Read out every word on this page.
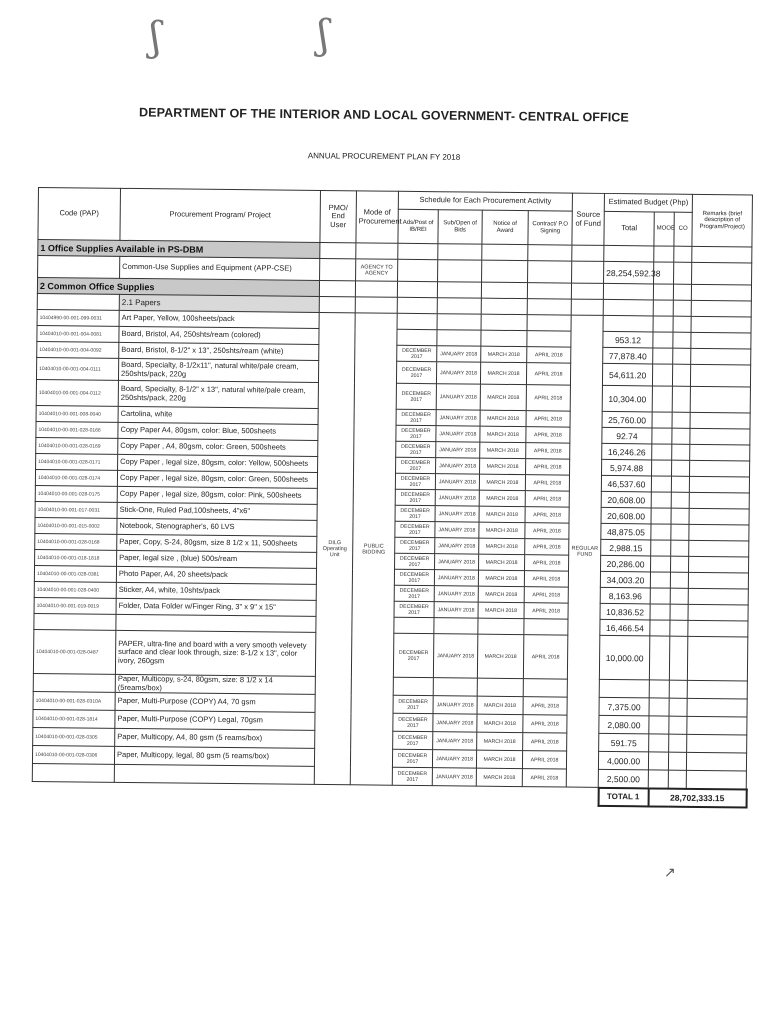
ʃ	ʃ
DEPARTMENT OF THE INTERIOR AND LOCAL GOVERNMENT- CENTRAL OFFICE
ANNUAL PROCUREMENT PLAN FY 2018
Code (PAP)	Procurement Program/ Project	PMO/ End User	Mode of Procurement	Schedule for Each Procurement Activity				Source of Fund	Estimated Budget (Php)			Remarks (brief description of Program/Project)
				Ads/Post of IB/REI	Sub/Open of Bids	Notice of Award	Contract/ P.O Signing		Total	MOOE	CO	
1 Office Supplies Available in PS-DBM												
	Common-Use Supplies and Equipment (APP-CSE)		AGENCY TO AGENCY						28,254,592.38			
2 Common Office Supplies												
	2.1 Papers											
10404990-00-001-099-0031	Art Paper, Yellow, 100sheets/pack	DILG Operating Unit	PUBLIC BIDDING					REGULAR FUND				
10404010-00-001-004-0081	Board, Bristol, A4, 250shts/ream (colored)								953.12			
10404010-00-001-004-0092	Board, Bristol, 8-1/2" x 13", 250shts/ream (white)			DECEMBER 2017	JANUARY 2018	MARCH 2018	APRIL 2018		77,878.40			
10404010-00-001-004-0111	Board, Specialty, 8-1/2x11", natural white/pale cream, 250shts/pack, 220g			DECEMBER 2017	JANUARY 2018	MARCH 2018	APRIL 2018		54,611.20			
10404010-00-001-004-0112	Board, Specialty, 8-1/2" x 13", natural white/pale cream, 250shts/pack, 220g			DECEMBER 2017	JANUARY 2018	MARCH 2018	APRIL 2018		10,304.00			
10404010-00-001-008-0040	Cartolina, white			DECEMBER 2017	JANUARY 2018	MARCH 2018	APRIL 2018		25,760.00			
10404010-00-001-028-0166	Copy Paper A4, 80gsm, color: Blue, 500sheets			DECEMBER 2017	JANUARY 2018	MARCH 2018	APRIL 2018		92.74			
10404010-00-001-028-0169	Copy Paper , A4, 80gsm, color: Green, 500sheets			DECEMBER 2017	JANUARY 2018	MARCH 2018	APRIL 2018		16,246.26			
10404010-00-001-028-0171	Copy Paper , legal size, 80gsm, color: Yellow, 500sheets			DECEMBER 2017	JANUARY 2018	MARCH 2018	APRIL 2018		5,974.88			
10404010-00-001-028-0174	Copy Paper , legal size, 80gsm, color: Green, 500sheets			DECEMBER 2017	JANUARY 2018	MARCH 2018	APRIL 2018		46,537.60			
10404010-00-001-028-0175	Copy Paper , legal size, 80gsm, color: Pink, 500sheets			DECEMBER 2017	JANUARY 2018	MARCH 2018	APRIL 2018		20,608.00			
10404010-00-001-017-0031	Stick-One, Ruled Pad,100sheets, 4"x6"			DECEMBER 2017	JANUARY 2018	MARCH 2018	APRIL 2018		20,608.00			
10404010-00-001-015-0002	Notebook, Stenographer's, 60 LVS			DECEMBER 2017	JANUARY 2018	MARCH 2018	APRIL 2018		48,875.05			
10404010-00-001-028-0168	Paper, Copy, S-24, 80gsm, size 8 1/2 x 11, 500sheets			DECEMBER 2017	JANUARY 2018	MARCH 2018	APRIL 2018		2,988.15			
10404010-00-001-018-1818	Paper, legal size , (blue) 500s/ream			DECEMBER 2017	JANUARY 2018	MARCH 2018	APRIL 2018		20,286.00			
10404010-00-001-028-0381	Photo Paper, A4, 20 sheets/pack			DECEMBER 2017	JANUARY 2018	MARCH 2018	APRIL 2018		34,003.20			
10404010-00-001-028-0400	Sticker, A4, white, 10shts/pack			DECEMBER 2017	JANUARY 2018	MARCH 2018	APRIL 2018		8,163.96			
10404010-00-001-019-0019	Folder, Data Folder w/Finger Ring, 3" x 9" x 15"			DECEMBER 2017	JANUARY 2018	MARCH 2018	APRIL 2018		10,836.52			
									16,466.54			
10404010-00-001-028-0487	PAPER, ultra-fine and board with a very smooth velevety surface and clear look through, size: 8-1/2 x 13", color ivory, 260gsm			DECEMBER 2017	JANUARY 2018	MARCH 2018	APRIL 2018		10,000.00			
	Paper, Multicopy, s-24, 80gsm, size: 8 1/2 x 14 (5reams/box)											
10404010-00-001-028-0310A	Paper, Multi-Purpose (COPY) A4, 70 gsm			DECEMBER 2017	JANUARY 2018	MARCH 2018	APRIL 2018		7,375.00			
10404010-00-001-028-1814	Paper, Multi-Purpose (COPY) Legal, 70gsm			DECEMBER 2017	JANUARY 2018	MARCH 2018	APRIL 2018		2,080.00			
10404010-00-001-028-0305	Paper, Multicopy, A4, 80 gsm (5 reams/box)			DECEMBER 2017	JANUARY 2018	MARCH 2018	APRIL 2018		591.75			
10404010-00-001-028-0306	Paper, Multicopy, legal, 80 gsm (5 reams/box)			DECEMBER 2017	JANUARY 2018	MARCH 2018	APRIL 2018		4,000.00			
				DECEMBER 2017	JANUARY 2018	MARCH 2018	APRIL 2018		2,500.00			
									TOTAL 1	28,702,333.15		
↗
